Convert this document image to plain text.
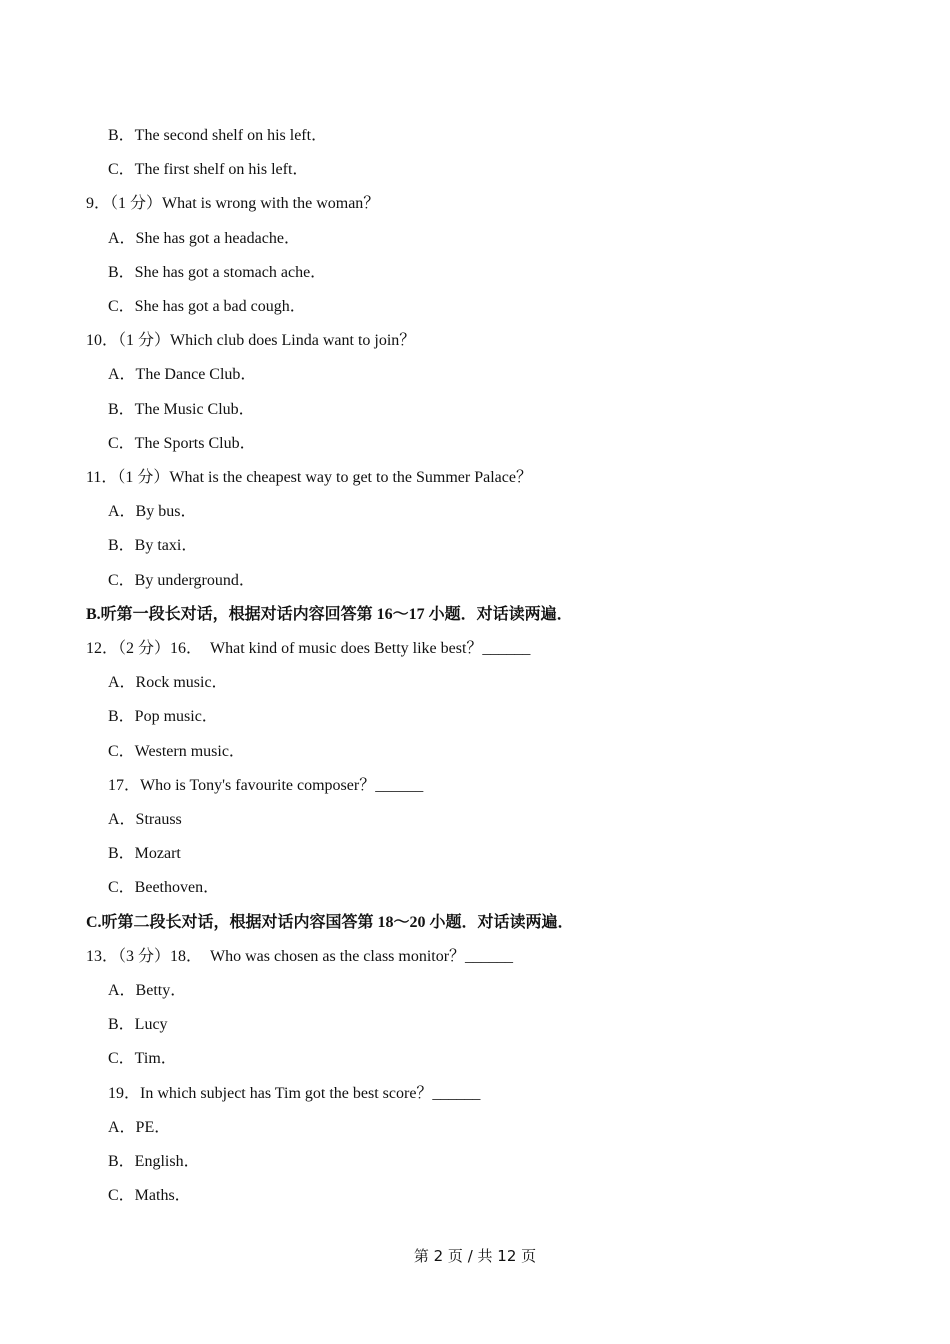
B．The second shelf on his left．
C．The first shelf on his left．
9．（1 分）What is wrong with the woman？
A．She has got a headache．
B．She has got a stomach ache．
C．She has got a bad cough．
10．（1 分）Which club does Linda want to join？
A．The Dance Club．
B．The Music Club．
C．The Sports Club．
11．（1 分）What is the cheapest way to get to the Summer Palace？
A．By bus．
B．By taxi．
C．By underground．
B.听第一段长对话，根据对话内容回答第 16～17 小题．对话读两遍．
12．（2 分）16．  What kind of music does Betty like best？______
A．Rock music．
B．Pop music．
C．Western music．
17．Who is Tony's favourite composer？______
A．Strauss
B．Mozart
C．Beethoven．
C.听第二段长对话，根据对话内容国答第 18～20 小题．对话读两遍．
13．（3 分）18．  Who was chosen as the class monitor？______
A．Betty．
B．Lucy
C．Tim．
19．In which subject has Tim got the best score？______
A．PE．
B．English．
C．Maths．
第 2 页 / 共 12 页
